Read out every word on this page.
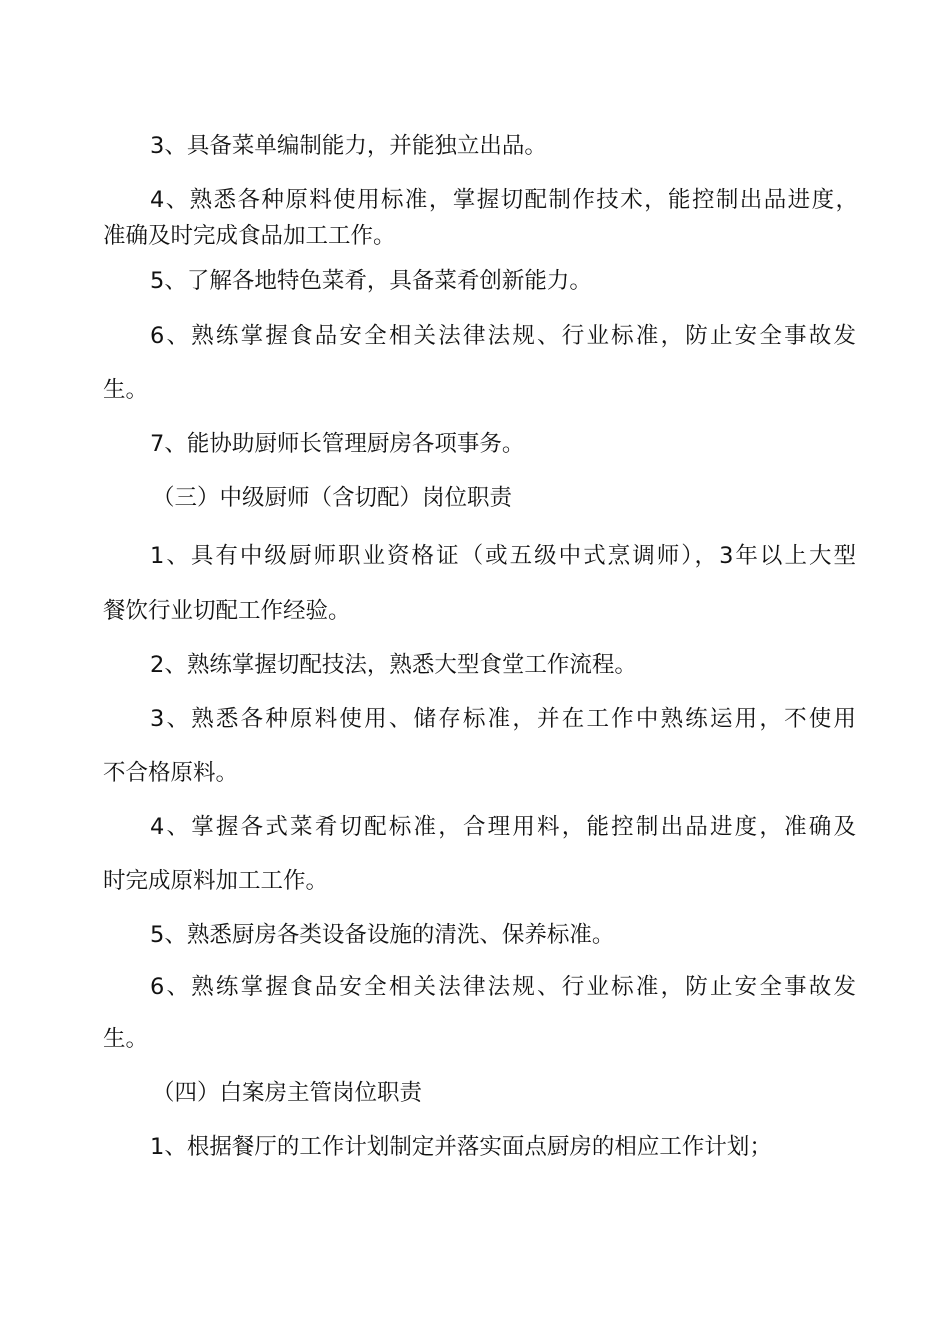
3、具备菜单编制能力，并能独立出品。
4、熟悉各种原料使用标准，掌握切配制作技术，能控制出品进度，
准确及时完成食品加工工作。
5、了解各地特色菜肴，具备菜肴创新能力。
6、熟练掌握食品安全相关法律法规、行业标准，防止安全事故发
生。
7、能协助厨师长管理厨房各项事务。
（三）中级厨师（含切配）岗位职责
1、具有中级厨师职业资格证（或五级中式烹调师），3年以上大型
餐饮行业切配工作经验。
2、熟练掌握切配技法，熟悉大型食堂工作流程。
3、熟悉各种原料使用、储存标准，并在工作中熟练运用，不使用
不合格原料。
4、掌握各式菜肴切配标准，合理用料，能控制出品进度，准确及
时完成原料加工工作。
5、熟悉厨房各类设备设施的清洗、保养标准。
6、熟练掌握食品安全相关法律法规、行业标准，防止安全事故发
生。
（四）白案房主管岗位职责
1、根据餐厅的工作计划制定并落实面点厨房的相应工作计划；
